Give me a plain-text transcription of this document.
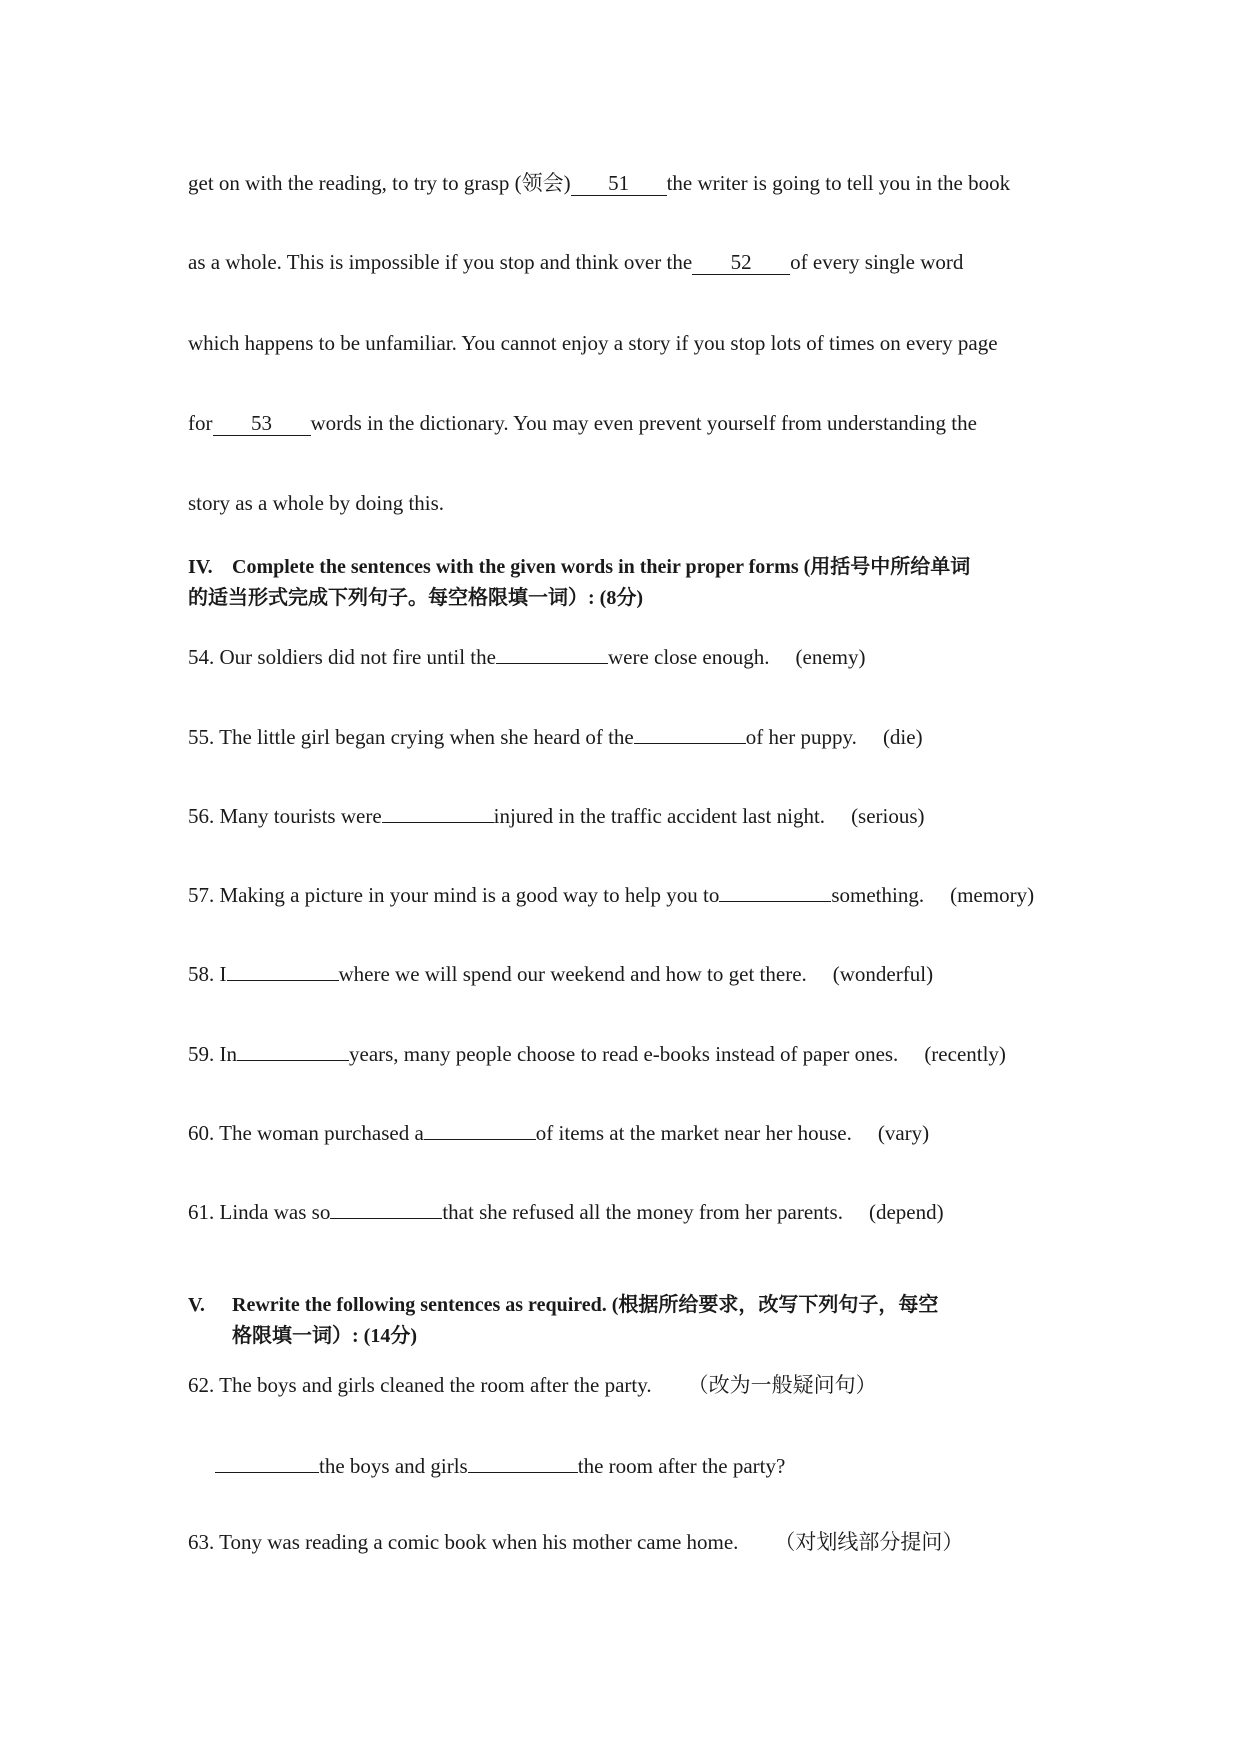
get on with the reading, to try to grasp (领会) 51 the writer is going to tell you in the book
as a whole. This is impossible if you stop and think over the 52 of every single word
which happens to be unfamiliar. You cannot enjoy a story if you stop lots of times on every page
for 53 words in the dictionary. You may even prevent yourself from understanding the
story as a whole by doing this.
IV. Complete the sentences with the given words in their proper forms (用括号中所给单词
的适当形式完成下列句子。每空格限填一词）: (8分)
54. Our soldiers did not fire until the	were close enough. (enemy)
55. The little girl began crying when she heard of the	of her puppy. (die)
56. Many tourists were	injured in the traffic accident last night. (serious)
57. Making a picture in your mind is a good way to help you to	something. (memory)
58. I	where we will spend our weekend and how to get there. (wonderful)
59. In	years, many people choose to read e-books instead of paper ones. (recently)
60. The woman purchased a	of items at the market near her house. (vary)
61. Linda was so	that she refused all the money from her parents. (depend)
V. Rewrite the following sentences as required. (根据所给要求，改写下列句子，每空
格限填一词）: (14分)
62. The boys and girls cleaned the room after the party. （改为一般疑问句）
the boys and girls	the room after the party?
63. Tony was reading a comic book when his mother came home. （对划线部分提问）
